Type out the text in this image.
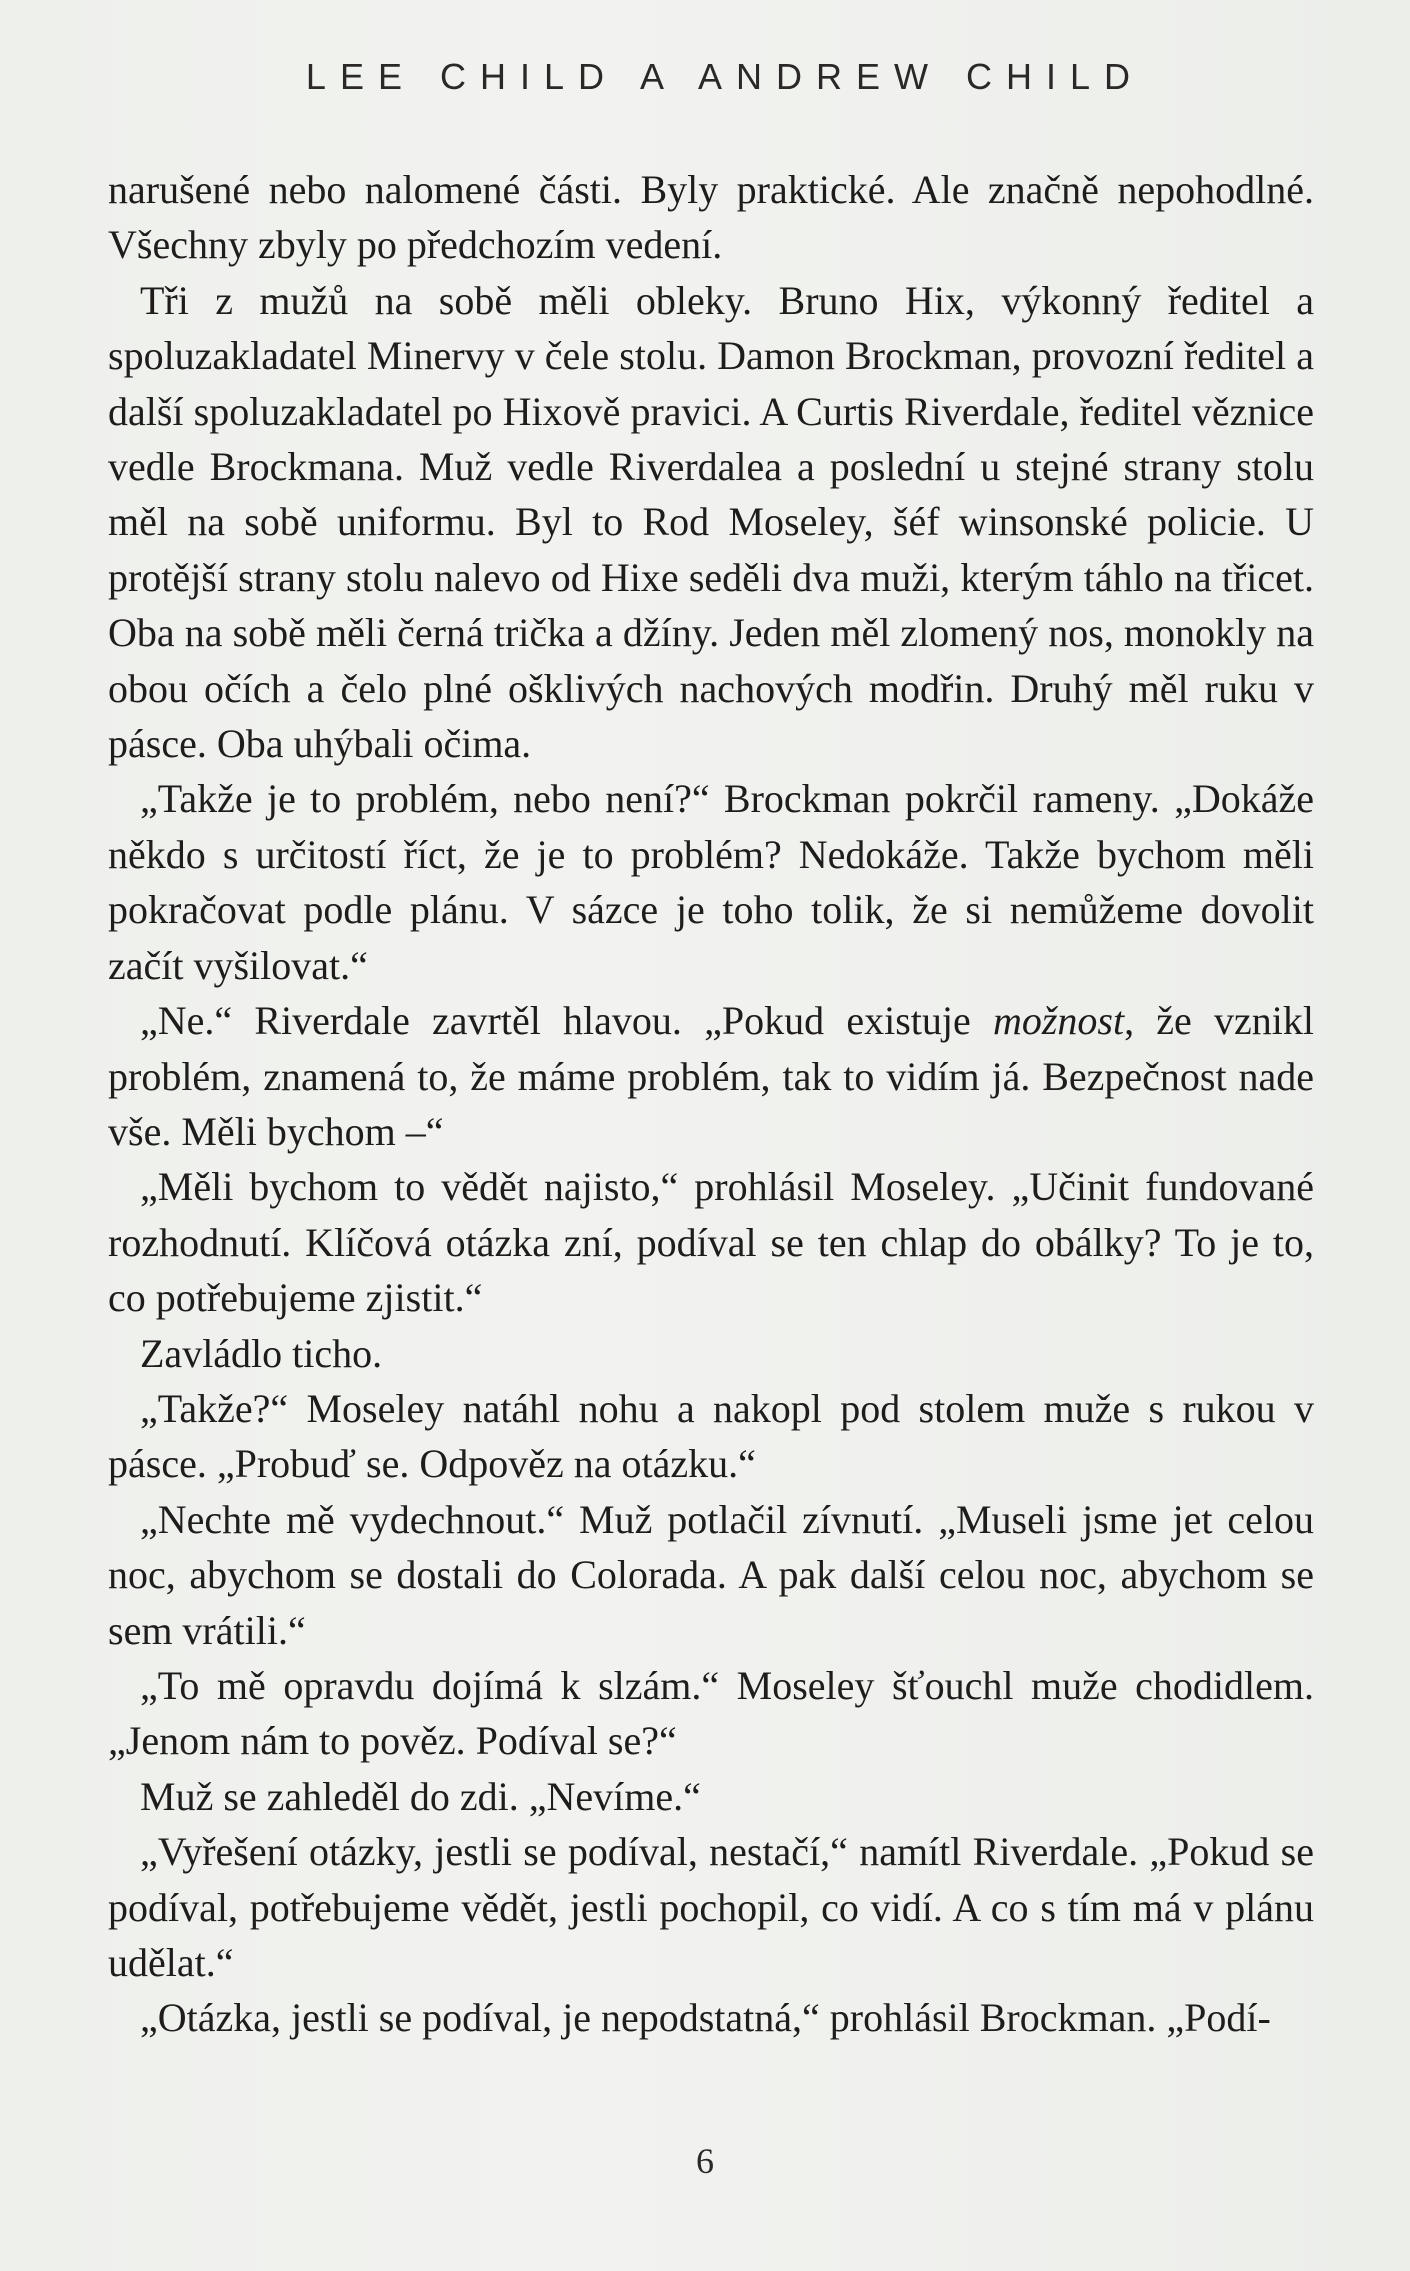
LEE CHILD A ANDREW CHILD

narušené nebo nalomené části. Byly praktické. Ale značně nepohodlné. Všechny zbyly po předchozím vedení.

Tři z mužů na sobě měli obleky. Bruno Hix, výkonný ředitel a spoluzakladatel Minervy v čele stolu. Damon Brockman, provozní ředitel a další spoluzakladatel po Hixově pravici. A Curtis Riverdale, ředitel věznice vedle Brockmana. Muž vedle Riverdalea a poslední u stejné strany stolu měl na sobě uniformu. Byl to Rod Moseley, šéf winsonské policie. U protější strany stolu nalevo od Hixe seděli dva muži, kterým táhlo na třicet. Oba na sobě měli černá trička a džíny. Jeden měl zlomený nos, monokly na obou očích a čelo plné ošklivých nachových modřin. Druhý měl ruku v pásce. Oba uhýbali očima.

„Takže je to problém, nebo není?“ Brockman pokrčil rameny. „Dokáže někdo s určitostí říct, že je to problém? Nedokáže. Takže bychom měli pokračovat podle plánu. V sázce je toho tolik, že si nemůžeme dovolit začít vyšilovat.“

„Ne.“ Riverdale zavrtěl hlavou. „Pokud existuje možnost, že vznikl problém, znamená to, že máme problém, tak to vidím já. Bezpečnost nade vše. Měli bychom –“

„Měli bychom to vědět najisto,“ prohlásil Moseley. „Učinit fundované rozhodnutí. Klíčová otázka zní, podíval se ten chlap do obálky? To je to, co potřebujeme zjistit.“

Zavládlo ticho.

„Takže?“ Moseley natáhl nohu a nakopl pod stolem muže s rukou v pásce. „Probuď se. Odpověz na otázku.“

„Nechte mě vydechnout.“ Muž potlačil zívnutí. „Museli jsme jet celou noc, abychom se dostali do Colorada. A pak další celou noc, abychom se sem vrátili.“

„To mě opravdu dojímá k slzám.“ Moseley šťouchl muže chodidlem. „Jenom nám to pověz. Podíval se?“

Muž se zahleděl do zdi. „Nevíme.“

„Vyřešení otázky, jestli se podíval, nestačí,“ namítl Riverdale. „Pokud se podíval, potřebujeme vědět, jestli pochopil, co vidí. A co s tím má v plánu udělat.“

„Otázka, jestli se podíval, je nepodstatná,“ prohlásil Brockman. „Podí-

6
